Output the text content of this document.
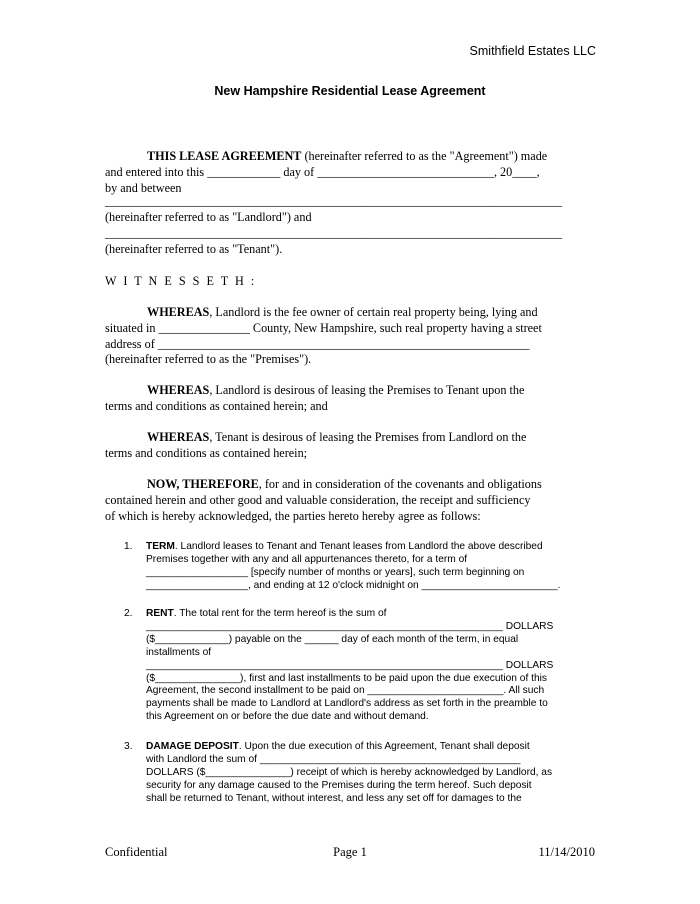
Smithfield Estates LLC
New Hampshire Residential Lease Agreement
THIS LEASE AGREEMENT (hereinafter referred to as the "Agreement") made
and entered into this ____________ day of _____________________________, 20____,
by and between
___________________________________________________________________________
(hereinafter referred to as "Landlord") and
___________________________________________________________________________
(hereinafter referred to as "Tenant").
W I T N E S S E T H :
WHEREAS, Landlord is the fee owner of certain real property being, lying and
situated in _______________ County, New Hampshire, such real property having a street
address of _____________________________________________________________
(hereinafter referred to as the "Premises").
WHEREAS, Landlord is desirous of leasing the Premises to Tenant upon the
terms and conditions as contained herein; and
WHEREAS, Tenant is desirous of leasing the Premises from Landlord on the
terms and conditions as contained herein;
NOW, THEREFORE, for and in consideration of the covenants and obligations
contained herein and other good and valuable consideration, the receipt and sufficiency
of which is hereby acknowledged, the parties hereto hereby agree as follows:
1. TERM. Landlord leases to Tenant and Tenant leases from Landlord the above described
Premises together with any and all appurtenances thereto, for a term of
__________________ [specify number of months or years], such term beginning on
__________________, and ending at 12 o'clock midnight on ________________________.
2. RENT. The total rent for the term hereof is the sum of
_______________________________________________________________ DOLLARS
($_____________) payable on the ______ day of each month of the term, in equal
installments of
_______________________________________________________________ DOLLARS
($_______________), first and last installments to be paid upon the due execution of this
Agreement, the second installment to be paid on ________________________. All such
payments shall be made to Landlord at Landlord's address as set forth in the preamble to
this Agreement on or before the due date and without demand.
3. DAMAGE DEPOSIT. Upon the due execution of this Agreement, Tenant shall deposit
with Landlord the sum of ______________________________________________
DOLLARS ($_______________) receipt of which is hereby acknowledged by Landlord, as
security for any damage caused to the Premises during the term hereof. Such deposit
shall be returned to Tenant, without interest, and less any set off for damages to the
Confidential	Page 1	11/14/2010
